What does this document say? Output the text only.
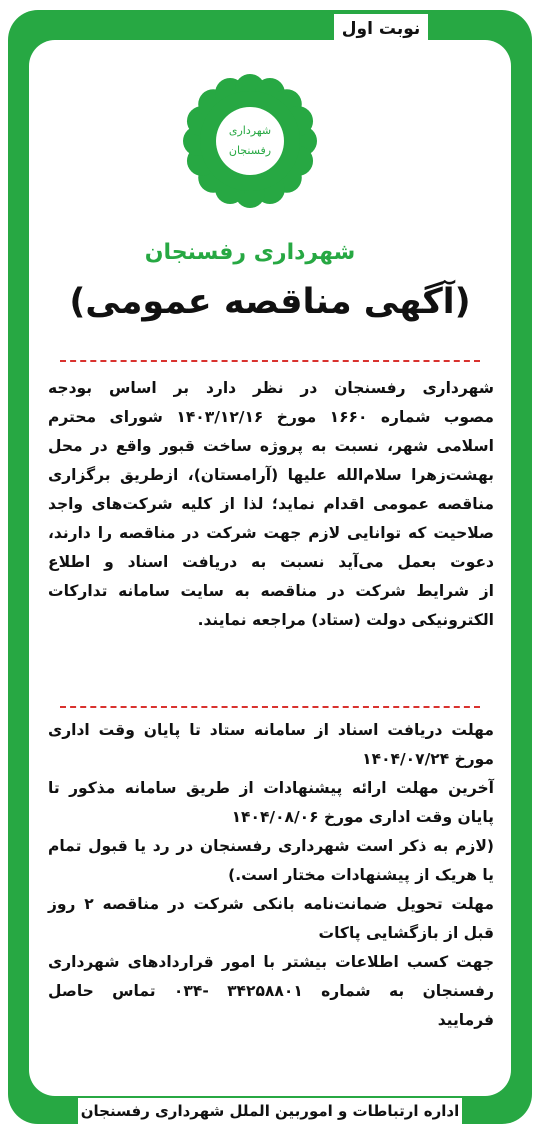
نوبت اول
شهرداری
رفسنجان
شهرداری رفسنجان
(آگهی مناقصه عمومی)
شهرداری رفسنجان در نظر دارد بر اساس بودجه
مصوب شماره ۱۶۶۰ مورخ ۱۴۰۳/۱۲/۱۶ شورای محترم
اسلامی شهر، نسبت به پروژه ساخت قبور واقع در محل
بهشت‌زهرا سلام‌الله علیها (آرامستان)، ازطریق برگزاری
مناقصه عمومی اقدام نماید؛ لذا از کلیه شرکت‌های واجد
صلاحیت که توانایی لازم جهت شرکت در مناقصه را دارند،
دعوت بعمل می‌آید نسبت به دریافت اسناد و اطلاع
از شرایط شرکت در مناقصه به سایت سامانه تدارکات
الکترونیکی دولت (ستاد) مراجعه نمایند.
مهلت دریافت اسناد از سامانه ستاد تا پایان وقت اداری
مورخ ۱۴۰۴/۰۷/۲۴
آخرین مهلت ارائه پیشنهادات از طریق سامانه مذکور تا
پایان وقت اداری مورخ ۱۴۰۴/۰۸/۰۶
(لازم به ذکر است شهرداری رفسنجان در رد یا قبول تمام
یا هریک از پیشنهادات مختار است.)
مهلت تحویل ضمانت‌نامه بانکی شرکت در مناقصه ۲ روز
قبل از بازگشایی پاکات
جهت کسب اطلاعات بیشتر با امور قراردادهای شهرداری
رفسنجان به شماره ۳۴۲۵۸۸۰۱ -۰۳۴ تماس حاصل
فرمایید
اداره ارتباطات و اموربین الملل شهرداری رفسنجان
